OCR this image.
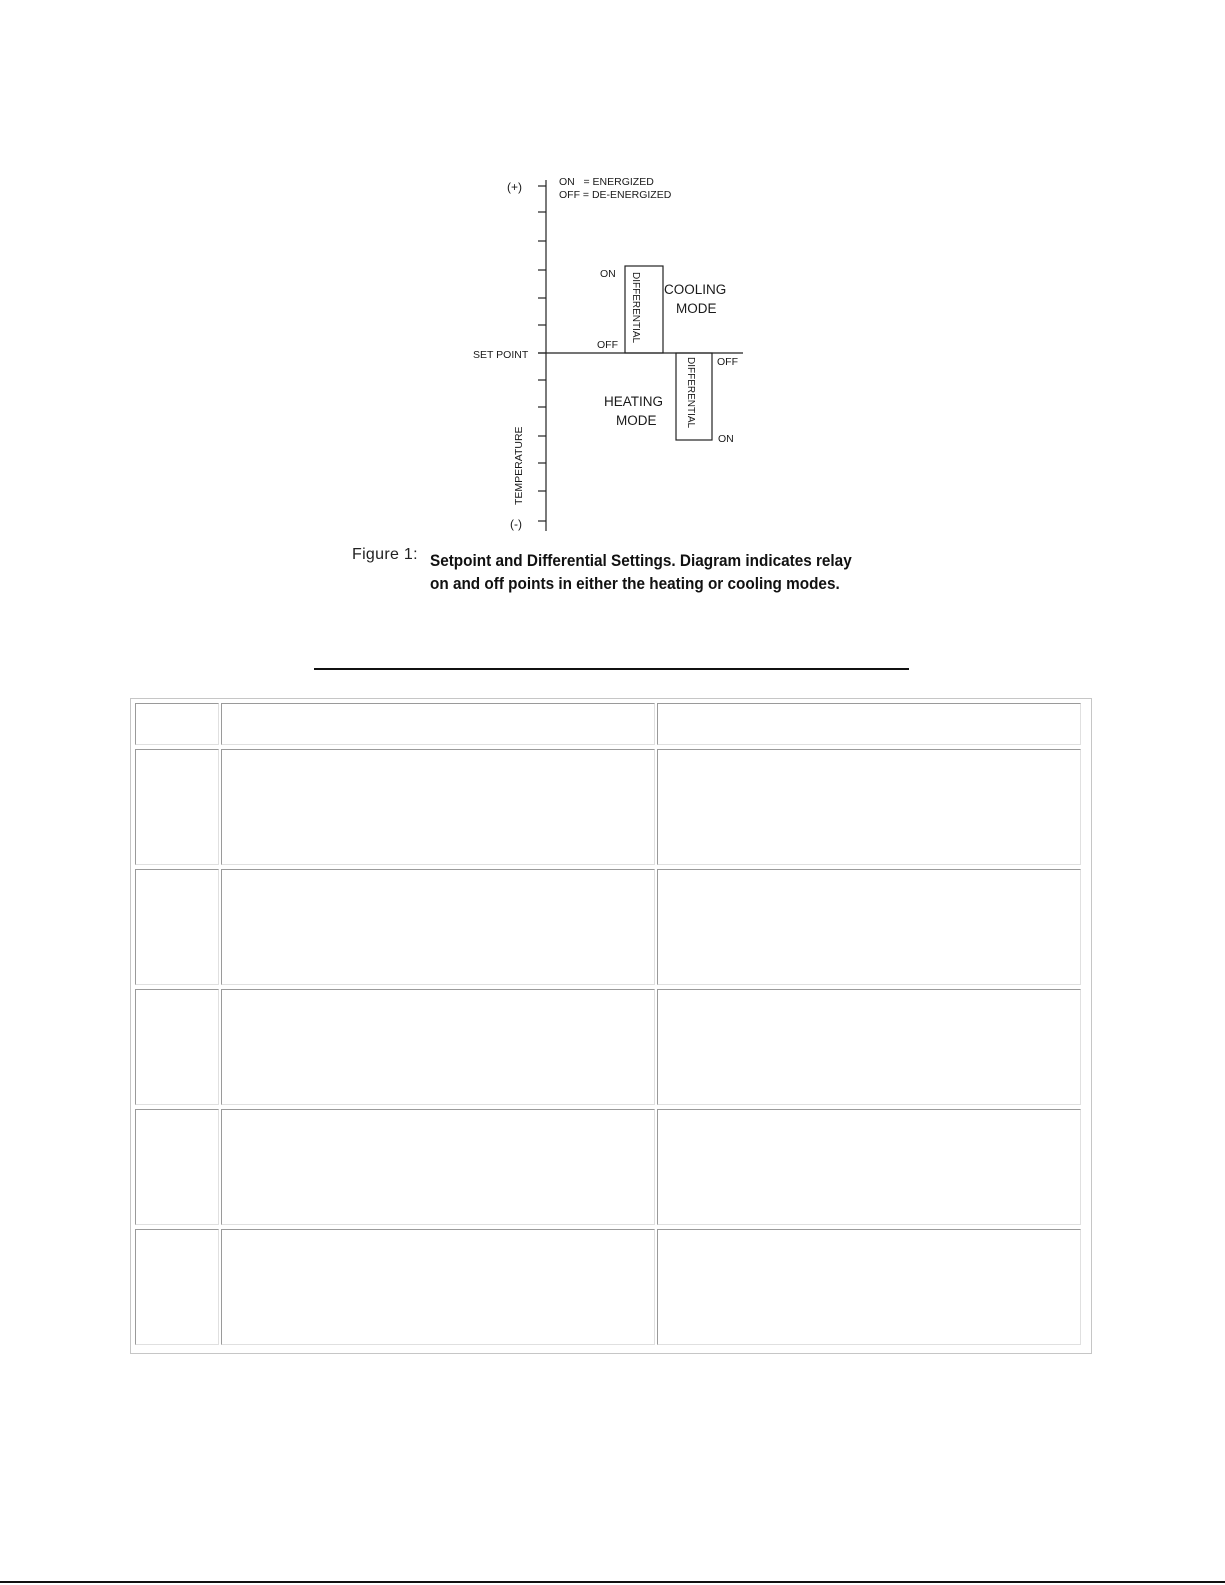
(+)
(-)
ON   = ENERGIZED
OFF = DE-ENERGIZED
SET POINT
TEMPERATURE
DIFFERENTIAL
ON
OFF
COOLING
MODE
DIFFERENTIAL OFF
ON
HEATING
MODE
Figure 1: Setpoint and Differential Settings. Diagram indicates relay
on and off points in either the heating or cooling modes.
